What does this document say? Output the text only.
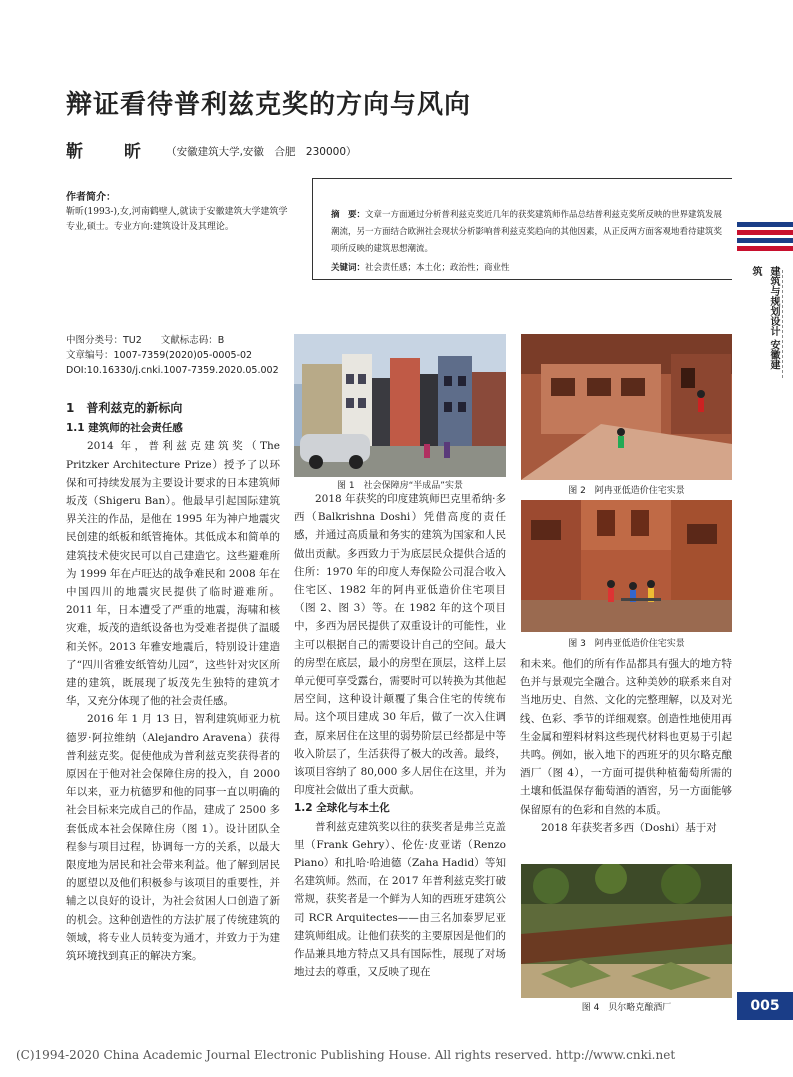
辩证看待普利兹克奖的方向与风向
靳　昕 （安徽建筑大学,安徽　合肥　230000）
作者简介：
靳昕(1993-),女,河南鹤壁人,就读于安徽建筑大学建筑学专业,硕士。专业方向:建筑设计及其理论。
摘　要：文章一方面通过分析普利兹克奖近几年的获奖建筑师作品总结普利兹克奖所反映的世界建筑发展潮流，另一方面结合欧洲社会现状分析影响普利兹克奖趋向的其他因素，从正反两方面客观地看待建筑奖项所反映的建筑思想潮流。
关键词：社会责任感；本土化；政治性；商业性	建筑与规划设计 安徽建筑
中图分类号：TU2　　文献标志码：B
文章编号：1007-7359(2020)05-0005-02
DOI:10.16330/j.cnki.1007-7359.2020.05.002
1　普利兹克的新标向
1.1 建筑师的社会责任感

2014 年，普利兹克建筑奖（The Pritzker Architecture Prize）授予了以环保和可持续发展为主要设计要求的日本建筑师坂茂（Shigeru Ban）。他最早引起国际建筑界关注的作品，是他在 1995 年为神户地震灾民创建的纸板和纸管掩体。其低成本和简单的建筑技术使灾民可以自己建造它。这些避难所为 1999 年在卢旺达的战争难民和 2008 年在中国四川的地震灾民提供了临时避难所。2011 年，日本遭受了严重的地震，海啸和核灾难，坂茂的造纸设备也为受难者提供了温暖和关怀。2013 年雅安地震后，特别设计建造了“四川省雅安纸管幼儿园”，这些针对灾区所建的建筑，既展现了坂茂先生独特的建筑才华，又充分体现了他的社会责任感。

2016 年 1 月 13 日，智利建筑师亚力杭德罗·阿拉维纳（Alejandro Aravena）获得普利兹克奖。促使他成为普利兹克奖获得者的原因在于他对社会保障住房的投入，自 2000 年以来，亚力杭德罗和他的同事一直以明确的社会目标来完成自己的作品，建成了 2500 多套低成本社会保障住房（图 1）。设计团队全程参与项目过程，协调每一方的关系，以最大限度地为居民和社会带来利益。他了解到居民的愿望以及他们积极参与该项目的重要性，并辅之以良好的设计，为社会贫困人口创造了新的机会。这种创造性的方法扩展了传统建筑的领域，将专业人员转变为通才，并致力于为建筑环境找到真正的解决方案。

图 1　社会保障房“半成品”实景

2018 年获奖的印度建筑师巴克里希纳·多西（Balkrishna Doshi）凭借高度的责任感，并通过高质量和务实的建筑为国家和人民做出贡献。多西致力于为底层民众提供合适的住所：1970 年的印度人寿保险公司混合收入住宅区、1982 年的阿冉亚低造价住宅项目（图 2、图 3）等。在 1982 年的这个项目中，多西为居民提供了双重设计的可能性，业主可以根据自己的需要设计自己的空间。最大的房型在底层，最小的房型在顶层，这样上层单元便可享受露台，需要时可以转换为其他起居空间，这种设计颠覆了集合住宅的传统布局。这个项目建成 30 年后，做了一次入住调查，原来居住在这里的弱势阶层已经都是中等收入阶层了，生活获得了极大的改善。最终，该项目容纳了 80,000 多人居住在这里，并为印度社会做出了重大贡献。

1.2 全球化与本土化

普利兹克建筑奖以往的获奖者是弗兰克盖里（Frank Gehry）、伦佐·皮亚诺（Renzo Piano）和扎哈·哈迪德（Zaha Hadid）等知名建筑师。然而，在 2017 年普利兹克奖打破常规，获奖者是一个鲜为人知的西班牙建筑公司 RCR Arquitectes——由三名加泰罗尼亚建筑师组成。让他们获奖的主要原因是他们的作品兼具地方特点又具有国际性，展现了对场地过去的尊重，又反映了现在

图 2　阿冉亚低造价住宅实景
图 3　阿冉亚低造价住宅实景
和未来。他们的所有作品都具有强大的地方特色并与景观完全融合。这种美妙的联系来自对当地历史、自然、文化的完整理解，以及对光线、色彩、季节的详细观察。创造性地使用再生金属和塑料材料这些现代材料也更易于引起共鸣。例如，嵌入地下的西班牙的贝尔略克酿酒厂（图 4），一方面可提供种植葡萄所需的土壤和低温保存葡萄酒的酒窖，另一方面能够保留原有的色彩和自然的本质。

2018 年获奖者多西（Doshi）基于对

图 4　贝尔略克酿酒厂	005
(C)1994-2020 China Academic Journal Electronic Publishing House. All rights reserved. http://www.cnki.net
